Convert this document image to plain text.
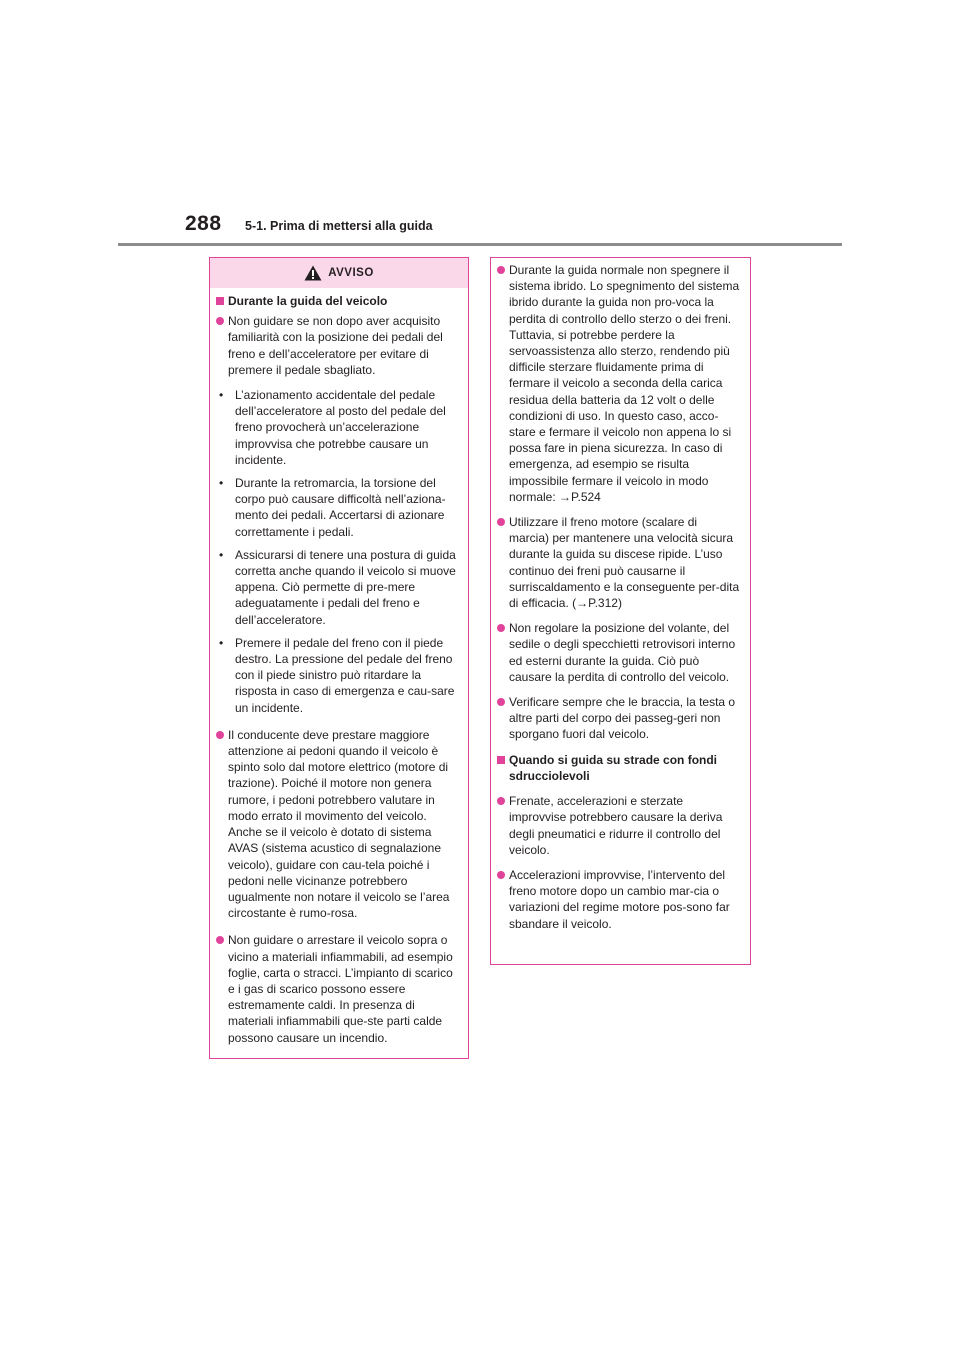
288 5-1. Prima di mettersi alla guida
AVVISO
Durante la guida del veicolo
Non guidare se non dopo aver acquisito familiarità con la posizione dei pedali del freno e dell’acceleratore per evitare di premere il pedale sbagliato.
• L’azionamento accidentale del pedale dell’acceleratore al posto del pedale del freno provocherà un’accelerazione improvvisa che potrebbe causare un incidente.
• Durante la retromarcia, la torsione del corpo può causare difficoltà nell’aziona-mento dei pedali. Accertarsi di azionare correttamente i pedali.
• Assicurarsi di tenere una postura di guida corretta anche quando il veicolo si muove appena. Ciò permette di pre-mere adeguatamente i pedali del freno e dell’acceleratore.
• Premere il pedale del freno con il piede destro. La pressione del pedale del freno con il piede sinistro può ritardare la risposta in caso di emergenza e cau-sare un incidente.
Il conducente deve prestare maggiore attenzione ai pedoni quando il veicolo è spinto solo dal motore elettrico (motore di trazione). Poiché il motore non genera rumore, i pedoni potrebbero valutare in modo errato il movimento del veicolo. Anche se il veicolo è dotato di sistema AVAS (sistema acustico di segnalazione veicolo), guidare con cau-tela poiché i pedoni nelle vicinanze potrebbero ugualmente non notare il veicolo se l’area circostante è rumo-rosa.
Non guidare o arrestare il veicolo sopra o vicino a materiali infiammabili, ad esempio foglie, carta o stracci. L’impianto di scarico e i gas di scarico possono essere estremamente caldi. In presenza di materiali infiammabili que-ste parti calde possono causare un incendio.
Durante la guida normale non spegnere il sistema ibrido. Lo spegnimento del sistema ibrido durante la guida non pro-voca la perdita di controllo dello sterzo o dei freni. Tuttavia, si potrebbe perdere la servoassistenza allo sterzo, rendendo più difficile sterzare fluidamente prima di fermare il veicolo a seconda della carica residua della batteria da 12 volt o delle condizioni di uso. In questo caso, acco-stare e fermare il veicolo non appena lo si possa fare in piena sicurezza. In caso di emergenza, ad esempio se risulta impossibile fermare il veicolo in modo normale: →P.524
Utilizzare il freno motore (scalare di marcia) per mantenere una velocità sicura durante la guida su discese ripide. L’uso continuo dei freni può causarne il surriscaldamento e la conseguente per-dita di efficacia. (→P.312)
Non regolare la posizione del volante, del sedile o degli specchietti retrovisori interno ed esterni durante la guida. Ciò può causare la perdita di controllo del veicolo.
Verificare sempre che le braccia, la testa o altre parti del corpo dei passeg-geri non sporgano fuori dal veicolo.
Quando si guida su strade con fondi sdrucciolevoli
Frenate, accelerazioni e sterzate improvvise potrebbero causare la deriva degli pneumatici e ridurre il controllo del veicolo.
Accelerazioni improvvise, l’intervento del freno motore dopo un cambio mar-cia o variazioni del regime motore pos-sono far sbandare il veicolo.
